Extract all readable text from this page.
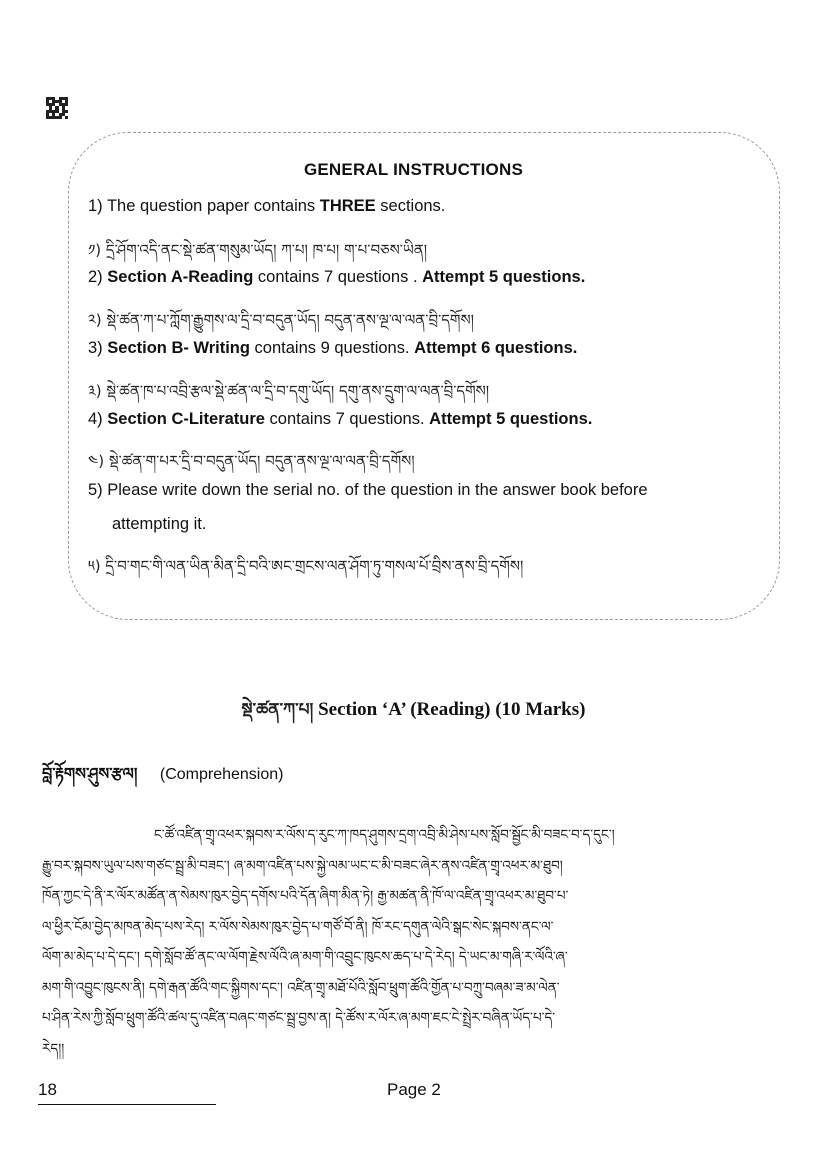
GENERAL INSTRUCTIONS
1) The question paper contains THREE sections.
༡) དྲི་ཤོག་འདི་ནང་སྡེ་ཚན་གསུམ་ཡོད། ཀ་པ། ཁ་པ། ག་པ་བཅས་ཡིན།
2) Section A-Reading contains 7 questions . Attempt 5 questions.
༢) སྡེ་ཚན་ཀ་པ་ཀློག་རྒྱུགས་ལ་དྲི་བ་བདུན་ཡོད། བདུན་ནས་ལྔ་ལ་ལན་བྲི་དགོས།
3) Section B- Writing contains 9 questions. Attempt 6 questions.
༣) སྡེ་ཚན་ཁ་པ་འབྲི་རྩལ་སྡེ་ཚན་ལ་དྲི་བ་དགུ་ཡོད། དགུ་ནས་དྲུག་ལ་ལན་བྲི་དགོས།
4) Section C-Literature contains 7 questions. Attempt 5 questions.
༤) སྡེ་ཚན་ག་པར་དྲི་བ་བདུན་ཡོད། བདུན་ནས་ལྔ་ལ་ལན་བྲི་དགོས།
5) Please write down the serial no. of the question in the answer book before
attempting it.
༥) དྲི་བ་གང་གི་ལན་ཡིན་མིན་དྲི་བའི་ཨང་གྲངས་ལན་ཤོག་ཏུ་གསལ་པོ་བྲིས་ནས་བྲི་དགོས།
སྡེ་ཚན་ཀ་པ། Section ‘A’ (Reading) (10 Marks)
བློ་རྟོགས་ཤུས་རྩལ། (Comprehension)
ང་ཚོ་འཛིན་གྲྭ་འཕར་སྐབས་ར་ལོས་ད་རུང་ཀ་ཁད་ཤུགས་དྲག་འབྲི་མི་ཤེས་པས་སློབ་སྦྱོང་མི་བཟང་བ་ད་དུང་།
རྒྱུ་བར་སྐབས་ཡུལ་པས་གཙང་སྦྲ་མི་བཟང་། ཞ་མག་འཛིན་པས་སྐྱེ་ལམ་ཡང་ང་མི་བཟང་ཞེར་ནས་འཛིན་གྲྭ་འཕར་མ་ཐུབ།
ཁོན་ཀྱང་དེ་ནི་ར་ལོར་མཚོན་ན་སེམས་ཁུར་བྱེད་དགོས་པའི་དོན་ཞིག་མིན་ཏེ། རྒྱ་མཚན་ནི་ཁོ་ལ་འཛིན་གྲྭ་འཕར་མ་ཐུབ་པ་
ལ་ཕྱིར་ངོམ་བྱེད་མཁན་མེད་པས་རེད། ར་ལོས་སེམས་ཁུར་བྱེད་པ་གཙོ་བོ་ནི། ཁོ་རང་དགུན་ལེའི་སྒང་སེང་སྐབས་ནང་ལ་
ལོག་མ་མེད་པ་དེ་དང་། དགེ་སློབ་ཚོ་ནང་ལ་ལོག་རྗེས་ལོའི་ཞ་མག་གི་འབྲུང་ཁུངས་ཆད་པ་དེ་རེད། དེ་ཡང་མ་གཞི་ར་ལོའི་ཞ་
མག་གི་འབྱུང་ཁུངས་ནི། དགེ་རྒན་ཚོའི་གང་སྐྱིགས་དང་། འཛིན་གྲྭ་མཐོ་པོའི་སློབ་ཕྲུག་ཚོའི་གྱོན་པ་བཀྲུ་བཞམ་ཟ་མ་ལེན་
པ་ཤིན་རེས་ཀྱི་སློབ་ཕྲུག་ཚོའི་ཚལ་དུ་འཛིན་བཞང་གཙང་སྦྲ་བྱས་ན། དེ་ཚོས་ར་ལོར་ཞ་མག་ཇང་ངེ་སྤྲེར་བཞིན་ཡོད་པ་དེ་
རེད།།
18	Page 2
